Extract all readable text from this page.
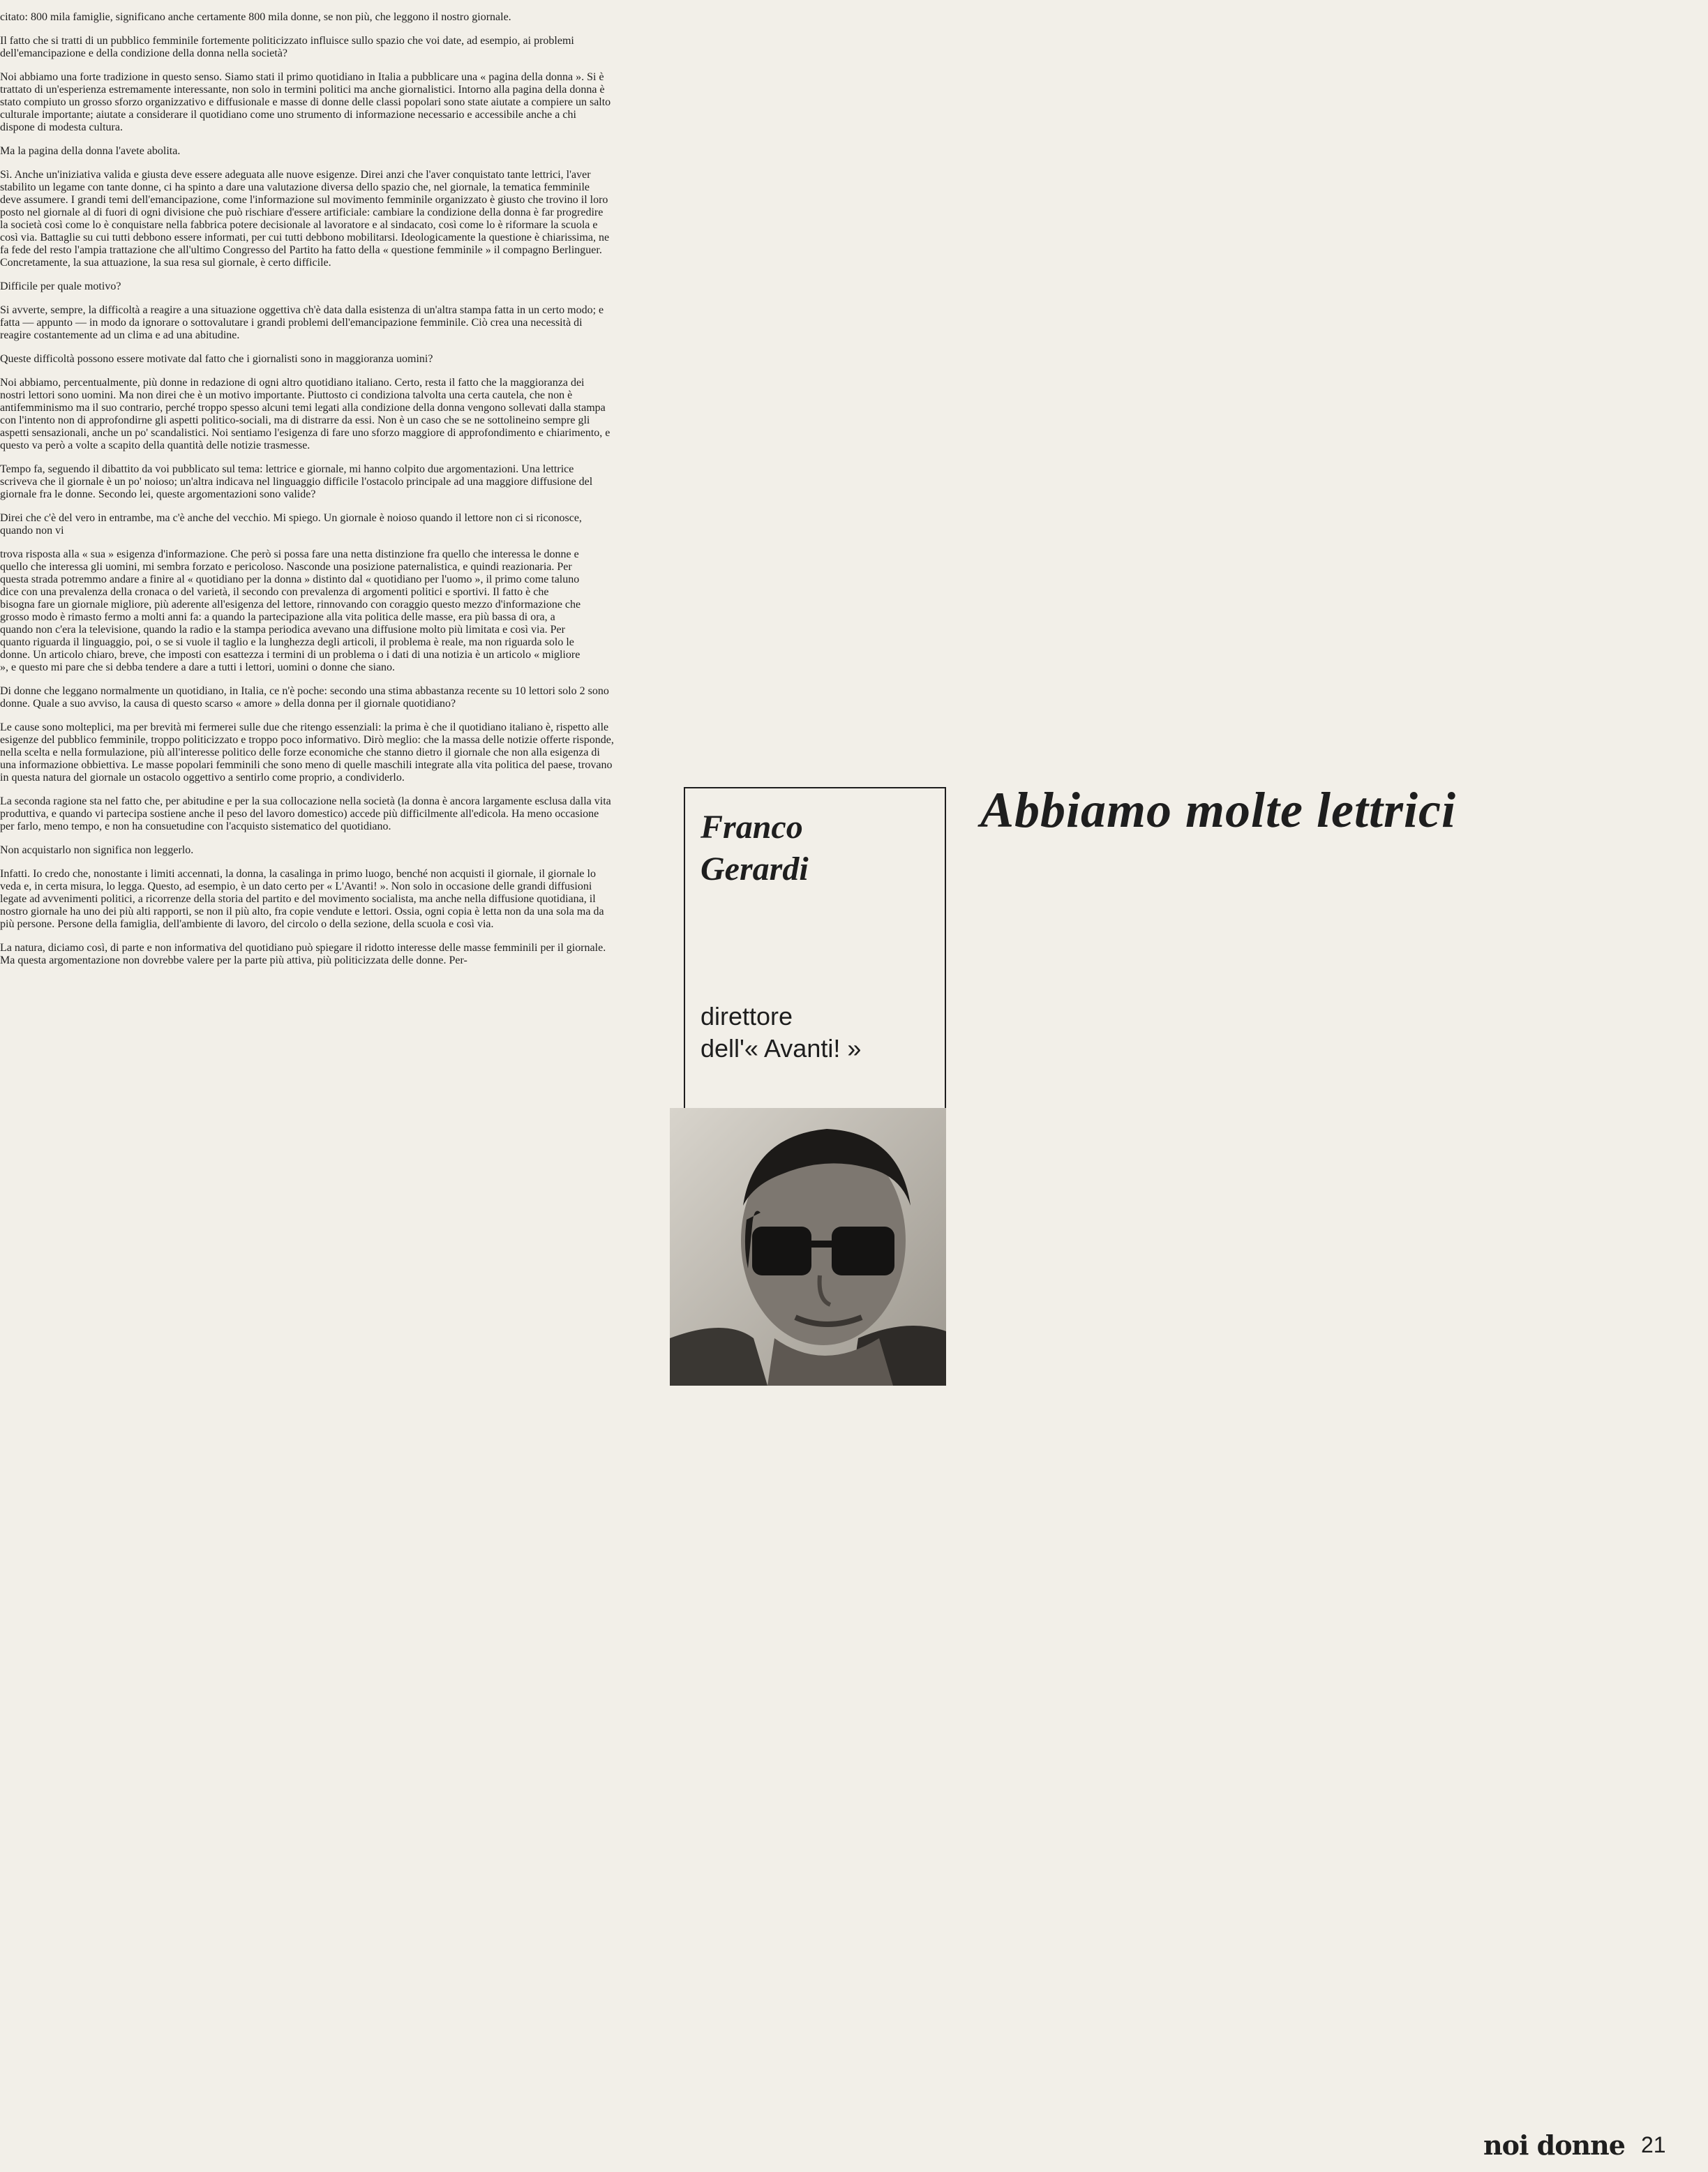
citato: 800 mila famiglie, significano anche certamente 800 mila donne, se non più, che leggono il nostro giornale.

Il fatto che si tratti di un pubblico femminile fortemente politicizzato influisce sullo spazio che voi date, ad esempio, ai problemi dell'emancipazione e della condizione della donna nella società?

Noi abbiamo una forte tradizione in questo senso. Siamo stati il primo quotidiano in Italia a pubblicare una « pagina della donna ». Si è trattato di un'esperienza estremamente interessante, non solo in termini politici ma anche giornalistici. Intorno alla pagina della donna è stato compiuto un grosso sforzo organizzativo e diffusionale e masse di donne delle classi popolari sono state aiutate a compiere un salto culturale importante; aiutate a considerare il quotidiano come uno strumento di informazione necessario e accessibile anche a chi dispone di modesta cultura.

Ma la pagina della donna l'avete abolita.

Sì. Anche un'iniziativa valida e giusta deve essere adeguata alle nuove esigenze. Direi anzi che l'aver conquistato tante lettrici, l'aver stabilito un legame con tante donne, ci ha spinto a dare una valutazione diversa dello spazio che, nel giornale, la tematica femminile deve assumere. I grandi temi dell'emancipazione, come l'informazione sul movimento femminile organizzato è giusto che trovino il loro posto nel giornale al di fuori di ogni divisione che può rischiare d'essere artificiale: cambiare la condizione della donna è far progredire la società così come lo è conquistare nella fabbrica potere decisionale al lavoratore e al sindacato, così come lo è riformare la scuola e così via. Battaglie su cui tutti debbono essere informati, per cui tutti debbono mobilitarsi. Ideologicamente la questione è chiarissima, ne fa fede del resto l'ampia trattazione che all'ultimo Congresso del Partito ha fatto della « questione femminile » il compagno Berlinguer. Concretamente, la sua attuazione, la sua resa sul giornale, è certo difficile.

Difficile per quale motivo?

Si avverte, sempre, la difficoltà a reagire a una situazione oggettiva ch'è data dalla esistenza di un'altra stampa fatta in un certo modo; e fatta — appunto — in modo da ignorare o sottovalutare i grandi problemi dell'emancipazione femminile. Ciò crea una necessità di reagire costantemente ad un clima e ad una abitudine.

Queste difficoltà possono essere motivate dal fatto che i giornalisti sono in maggioranza uomini?

Noi abbiamo, percentualmente, più donne in redazione di ogni altro quotidiano italiano. Certo, resta il fatto che la maggioranza dei nostri lettori sono uomini. Ma non direi che è un motivo importante. Piuttosto ci condiziona talvolta una certa cautela, che non è antifemminismo ma il suo contrario, perché troppo spesso alcuni temi legati alla condizione della donna vengono sollevati dalla stampa con l'intento non di approfondirne gli aspetti politico-sociali, ma di distrarre da essi. Non è un caso che se ne sottolineino sempre gli aspetti sensazionali, anche un po' scandalistici. Noi sentiamo l'esigenza di fare uno sforzo maggiore di approfondimento e chiarimento, e questo va però a volte a scapito della quantità delle notizie trasmesse.

Tempo fa, seguendo il dibattito da voi pubblicato sul tema: lettrice e giornale, mi hanno colpito due argomentazioni. Una lettrice scriveva che il giornale è un po' noioso; un'altra indicava nel linguaggio difficile l'ostacolo principale ad una maggiore diffusione del giornale fra le donne. Secondo lei, queste argomentazioni sono valide?

Direi che c'è del vero in entrambe, ma c'è anche del vecchio. Mi spiego. Un giornale è noioso quando il lettore non ci si riconosce, quando non vi

trova risposta alla « sua » esigenza d'informazione. Che però si possa fare una netta distinzione fra quello che interessa le donne e quello che interessa gli uomini, mi sembra forzato e pericoloso. Nasconde una posizione paternalistica, e quindi reazionaria. Per questa strada potremmo andare a finire al « quotidiano per la donna » distinto dal « quotidiano per l'uomo », il primo come taluno dice con una prevalenza della cronaca o del varietà, il secondo con prevalenza di argomenti politici e sportivi. Il fatto è che bisogna fare un giornale migliore, più aderente all'esigenza del lettore, rinnovando con coraggio questo mezzo d'informazione che grosso modo è rimasto fermo a molti anni fa: a quando la partecipazione alla vita politica delle masse, era più bassa di ora, a quando non c'era la televisione, quando la radio e la stampa periodica avevano una diffusione molto più limitata e così via. Per quanto riguarda il linguaggio, poi, o se si vuole il taglio e la lunghezza degli articoli, il problema è reale, ma non riguarda solo le donne. Un articolo chiaro, breve, che imposti con esattezza i termini di un problema o i dati di una notizia è un articolo « migliore », e questo mi pare che si debba tendere a dare a tutti i lettori, uomini o donne che siano.

Franco
Gerardi
direttore
dell'« Avanti! »
Abbiamo molte lettrici

Di donne che leggano normalmente un quotidiano, in Italia, ce n'è poche: secondo una stima abbastanza recente su 10 lettori solo 2 sono donne. Quale a suo avviso, la causa di questo scarso « amore » della donna per il giornale quotidiano?

Le cause sono molteplici, ma per brevità mi fermerei sulle due che ritengo essenziali: la prima è che il quotidiano italiano è, rispetto alle esigenze del pubblico femminile, troppo politicizzato e troppo poco informativo. Dirò meglio: che la massa delle notizie offerte risponde, nella scelta e nella formulazione, più all'interesse politico delle forze economiche che stanno dietro il giornale che non alla esigenza di una informazione obbiettiva. Le masse popolari femminili che sono meno di quelle maschili integrate alla vita politica del paese, trovano in questa natura del giornale un ostacolo oggettivo a sentirlo come proprio, a condividerlo.

La seconda ragione sta nel fatto che, per abitudine e per la sua collocazione nella società (la donna è ancora largamente esclusa dalla vita produttiva, e quando vi partecipa sostiene anche il peso del lavoro domestico) accede più difficilmente all'edicola. Ha meno occasione per farlo, meno tempo, e non ha consuetudine con l'acquisto sistematico del quotidiano.

Non acquistarlo non significa non leggerlo.

Infatti. Io credo che, nonostante i limiti accennati, la donna, la casalinga in primo luogo, benché non acquisti il giornale, il giornale lo veda e, in certa misura, lo legga. Questo, ad esempio, è un dato certo per « L'Avanti! ». Non solo in occasione delle grandi diffusioni legate ad avvenimenti politici, a ricorrenze della storia del partito e del movimento socialista, ma anche nella diffusione quotidiana, il nostro giornale ha uno dei più alti rapporti, se non il più alto, fra copie vendute e lettori. Ossia, ogni copia è letta non da una sola ma da più persone. Persone della famiglia, dell'ambiente di lavoro, del circolo o della sezione, della scuola e così via.

La natura, diciamo così, di parte e non informativa del quotidiano può spiegare il ridotto interesse delle masse femminili per il giornale. Ma questa argomentazione non dovrebbe valere per la parte più attiva, più politicizzata delle donne. Per-

noi donne 21
